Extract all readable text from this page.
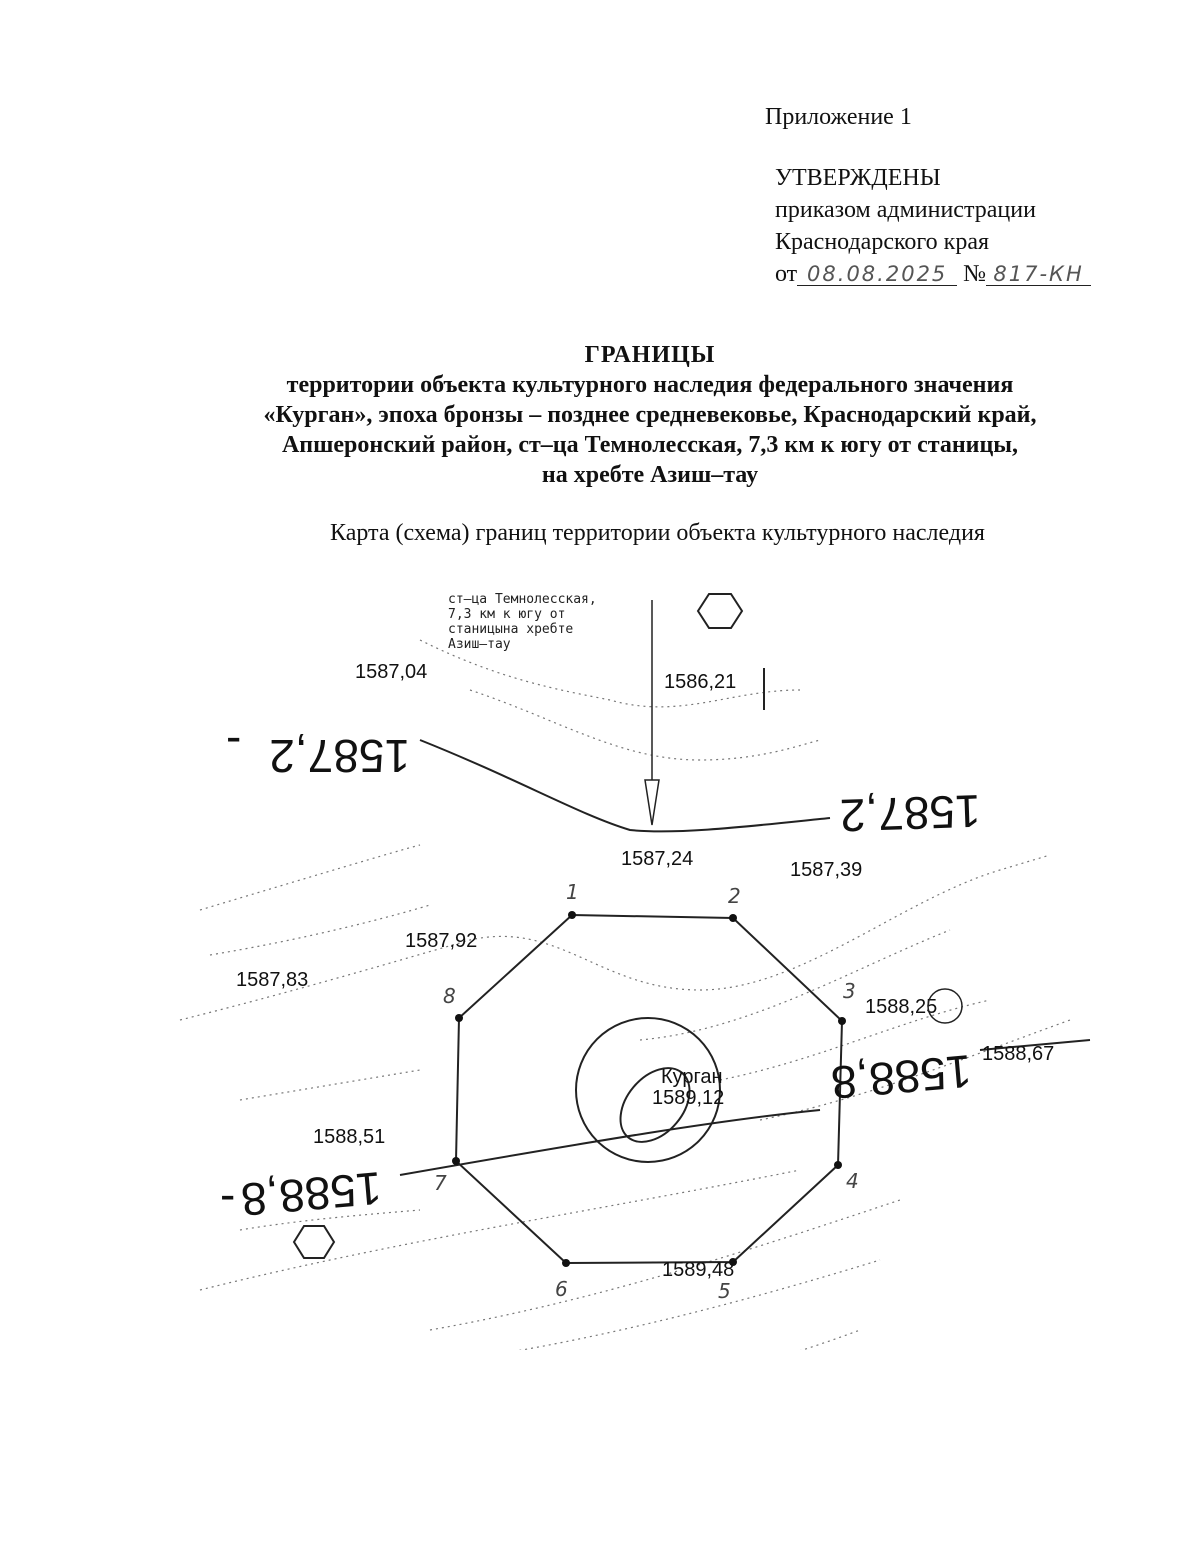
Приложение 1
УТВЕРЖДЕНЫ
приказом администрации
Краснодарского края
от 08.08.2025 № 817-КН
ГРАНИЦЫ
территории объекта культурного наследия федерального значения
«Курган», эпоха бронзы – позднее средневековье, Краснодарский край,
Апшеронский район, ст–ца Темнолесская, 7,3 км к югу от станицы,
на хребте Азиш–тау
Карта (схема) границ территории объекта культурного наследия
1	2
3
4
5
6
7
8
ст–ца Темнолесская,
7,3 км к югу от
станицына хребте
Азиш–тау
1587,04	1586,21
1587,24	1587,39
1587,92
1587,83
1588,25
1588,67
1588,51
1589,48
Курган
1589,12
1587,2
1587,2
1588,8
1588,8
-
-
